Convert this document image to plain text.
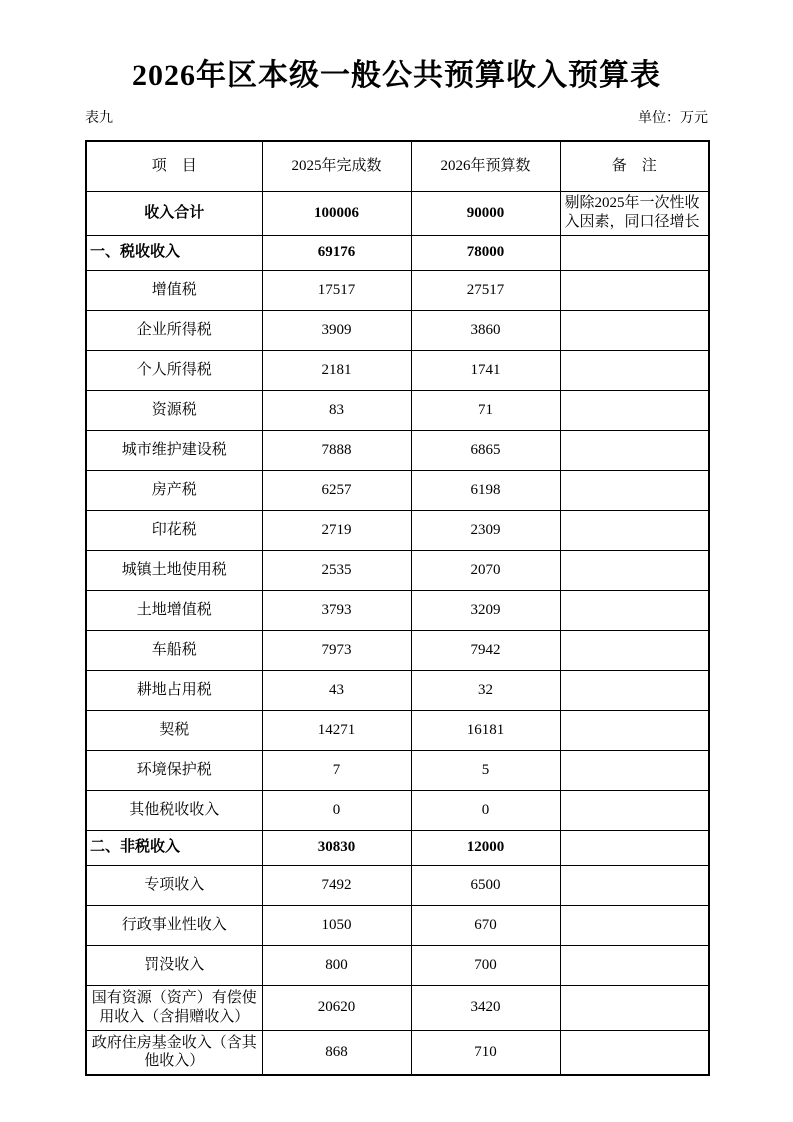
2026年区本级一般公共预算收入预算表
表九	单位：万元
项　目	2025年完成数	2026年预算数	备　注
收入合计	100006	90000	剔除2025年一次性收入因素，同口径增长
一、税收收入	69176	78000	
增值税	17517	27517	
企业所得税	3909	3860	
个人所得税	2181	1741	
资源税	83	71	
城市维护建设税	7888	6865	
房产税	6257	6198	
印花税	2719	2309	
城镇土地使用税	2535	2070	
土地增值税	3793	3209	
车船税	7973	7942	
耕地占用税	43	32	
契税	14271	16181	
环境保护税	7	5	
其他税收收入	0	0	
二、非税收入	30830	12000	
专项收入	7492	6500	
行政事业性收入	1050	670	
罚没收入	800	700	
国有资源（资产）有偿使用收入（含捐赠收入）	20620	3420	
政府住房基金收入（含其他收入）	868	710	
